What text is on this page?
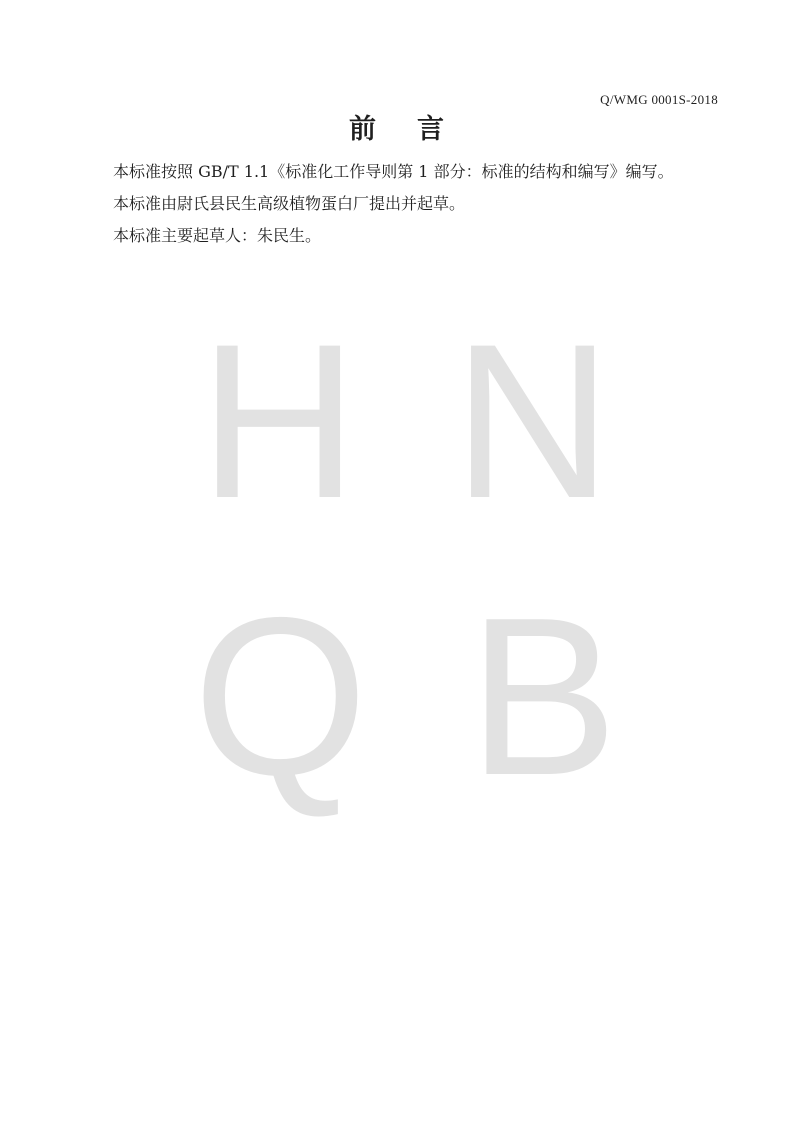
Q/WMG 0001S-2018
前 言

本标准按照 GB/T 1.1《标准化工作导则第 1 部分：标准的结构和编写》编写。

本标准由尉氏县民生高级植物蛋白厂提出并起草。

本标准主要起草人：朱民生。

H N
Q B
